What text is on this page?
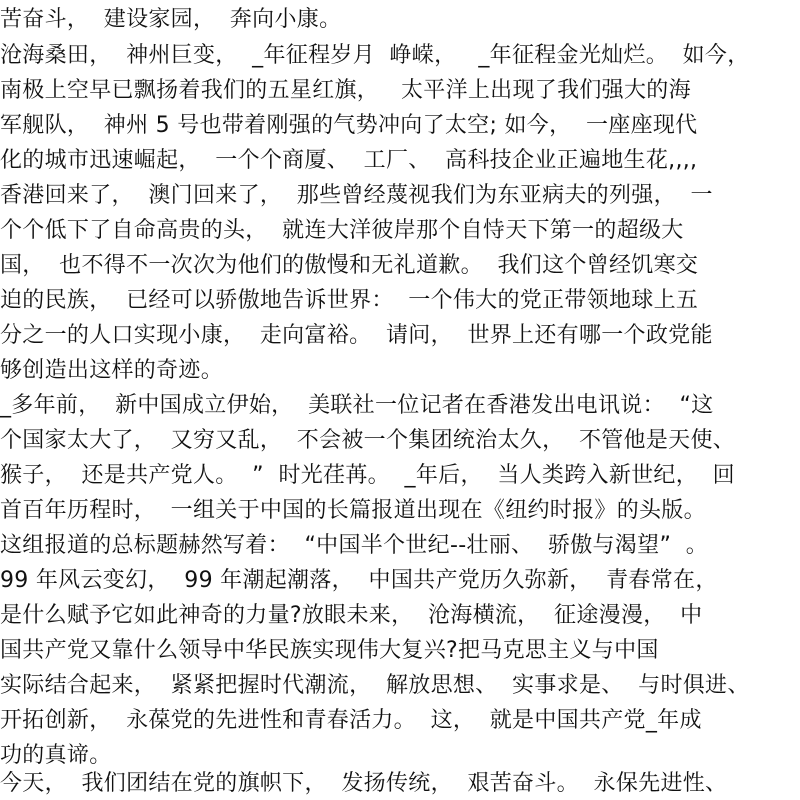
苦奋斗，  建设家园，  奔向小康。
沧海桑田，  神州巨变，  _年征程岁月  峥嵘，   _年征程金光灿烂。  如今，
南极上空早已飘扬着我们的五星红旗，   太平洋上出现了我们强大的海
军舰队，  神州 5 号也带着刚强的气势冲向了太空; 如今，  一座座现代
化的城市迅速崛起，  一个个商厦、  工厂、  高科技企业正遍地生花,,,,
香港回来了，  澳门回来了，  那些曾经蔑视我们为东亚病夫的列强，  一
个个低下了自命高贵的头，  就连大洋彼岸那个自恃天下第一的超级大
国，  也不得不一次次为他们的傲慢和无礼道歉。  我们这个曾经饥寒交
迫的民族，  已经可以骄傲地告诉世界：  一个伟大的党正带领地球上五
分之一的人口实现小康，  走向富裕。  请问，  世界上还有哪一个政党能
够创造出这样的奇迹。
_多年前，  新中国成立伊始，  美联社一位记者在香港发出电讯说：  “这
个国家太大了，  又穷又乱，  不会被一个集团统治太久，  不管他是天使、
猴子，  还是共产党人。  ”  时光荏苒。  _年后，  当人类跨入新世纪，  回
首百年历程时，  一组关于中国的长篇报道出现在《纽约时报》的头版。
这组报道的总标题赫然写着：  “中国半个世纪--壮丽、  骄傲与渴望”  。
99 年风云变幻，  99 年潮起潮落，  中国共产党历久弥新，  青春常在，
是什么赋予它如此神奇的力量?放眼未来，  沧海横流，  征途漫漫，  中
国共产党又靠什么领导中华民族实现伟大复兴?把马克思主义与中国
实际结合起来，  紧紧把握时代潮流，  解放思想、  实事求是、  与时俱进、
开拓创新，  永葆党的先进性和青春活力。  这，  就是中国共产党_年成
功的真谛。
今天，  我们团结在党的旗帜下，  发扬传统，  艰苦奋斗。  永保先进性、
